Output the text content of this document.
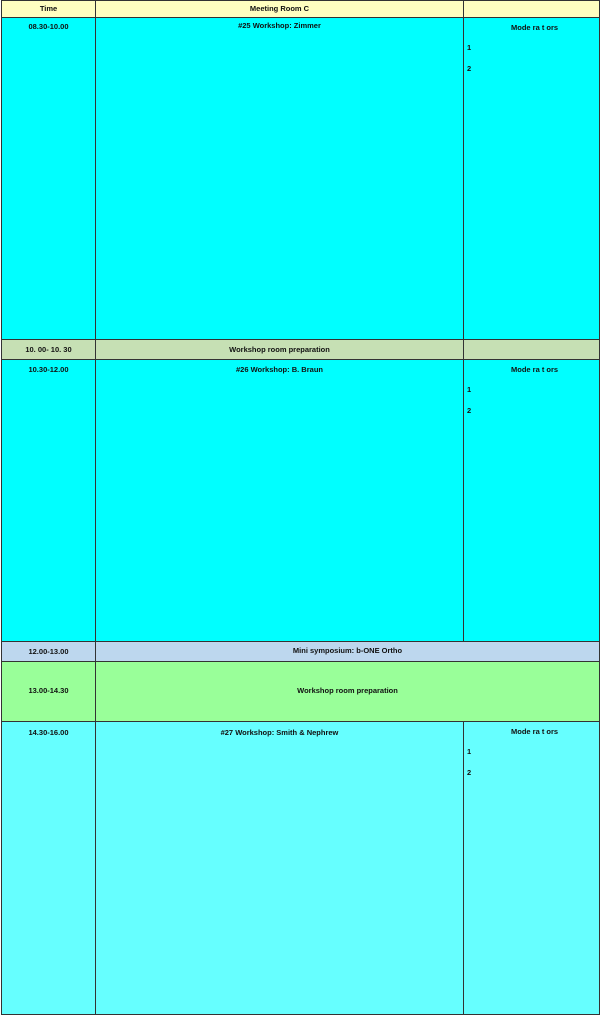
Time	Meeting Room C
08.30-10.00	#25 Workshop: Zimmer	Mode ra t ors
1
2
10. 00- 10. 30	Workshop room preparation
10.30-12.00	#26 Workshop: B. Braun	Mode ra t ors
1
2
12.00-13.00	Mini symposium: b-ONE Ortho
13.00-14.30	Workshop room preparation
14.30-16.00	#27 Workshop: Smith & Nephrew	Mode ra t ors
1
2
